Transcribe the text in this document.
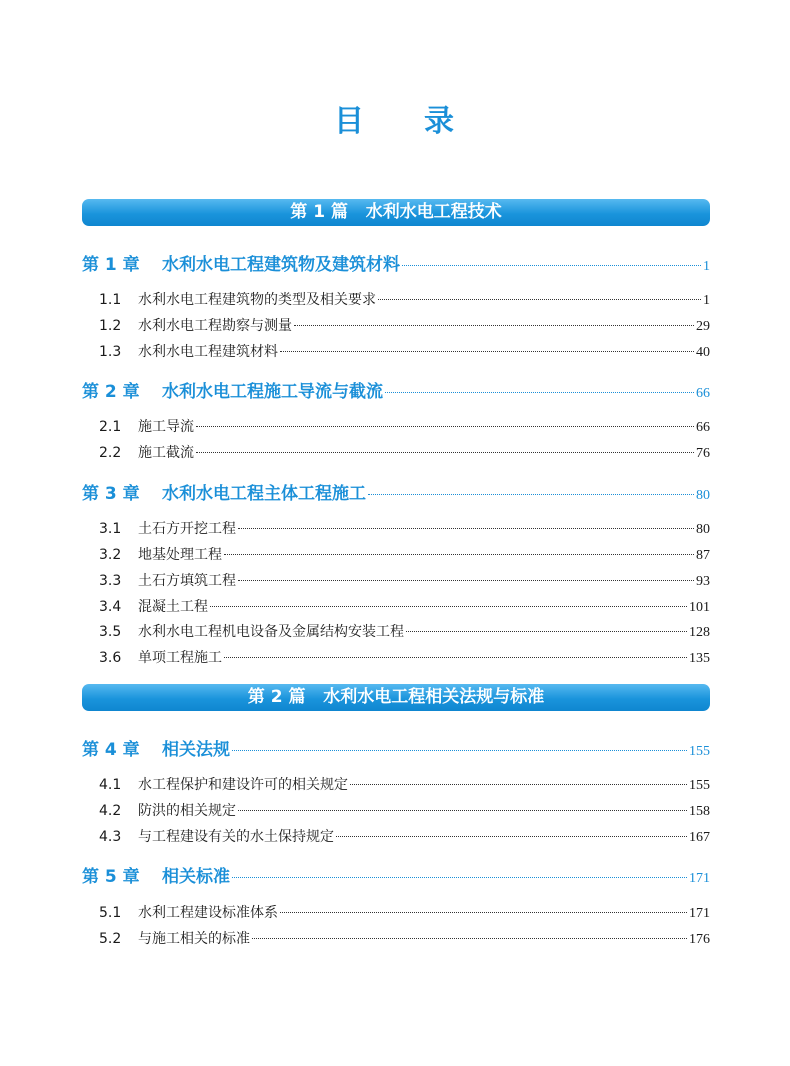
目 录
第 1 篇 水利水电工程技术
第 1 章	水利水电工程建筑物及建筑材料	1
1.1	水利水电工程建筑物的类型及相关要求	1
1.2	水利水电工程勘察与测量	29
1.3	水利水电工程建筑材料	40
第 2 章	水利水电工程施工导流与截流	66
2.1	施工导流	66
2.2	施工截流	76
第 3 章	水利水电工程主体工程施工	80
3.1	土石方开挖工程	80
3.2	地基处理工程	87
3.3	土石方填筑工程	93
3.4	混凝土工程	101
3.5	水利水电工程机电设备及金属结构安装工程	128
3.6	单项工程施工	135
第 2 篇 水利水电工程相关法规与标准
第 4 章	相关法规	155
4.1	水工程保护和建设许可的相关规定	155
4.2	防洪的相关规定	158
4.3	与工程建设有关的水土保持规定	167
第 5 章	相关标准	171
5.1	水利工程建设标准体系	171
5.2	与施工相关的标准	176
